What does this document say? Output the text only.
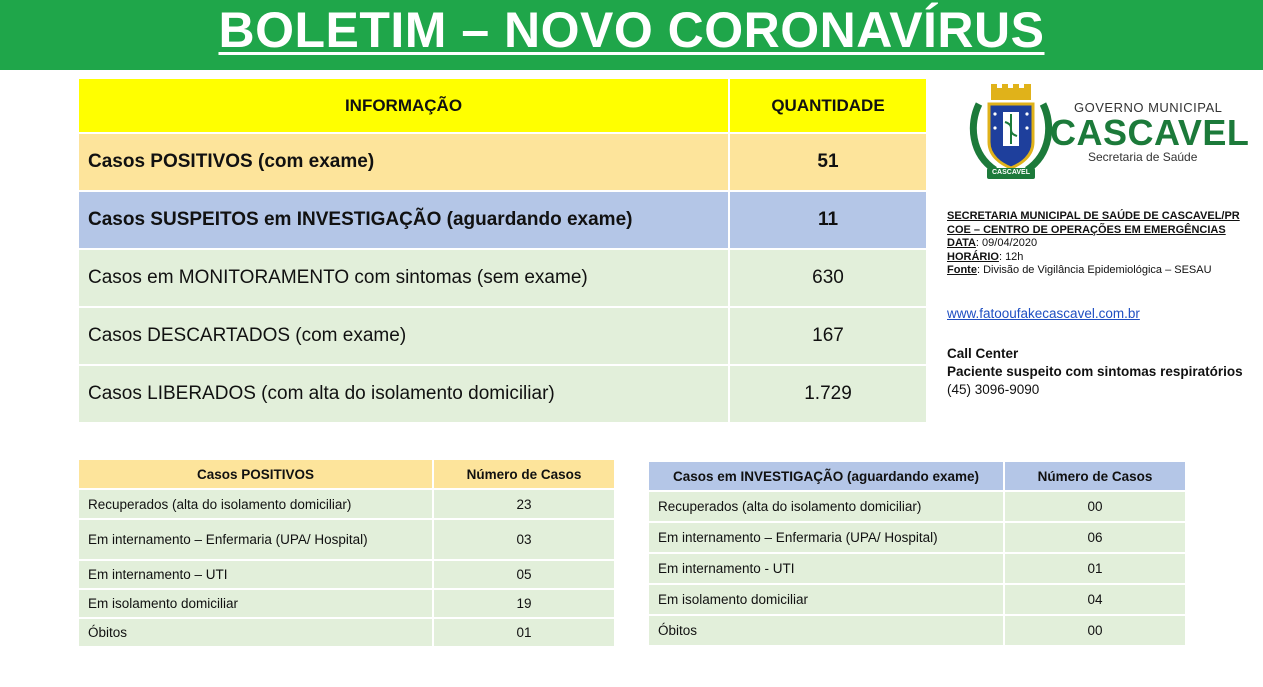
BOLETIM – NOVO CORONAVÍRUS
INFORMAÇÃO	QUANTIDADE
Casos POSITIVOS (com exame)	51
Casos SUSPEITOS em INVESTIGAÇÃO (aguardando exame)	11
Casos em MONITORAMENTO com sintomas (sem exame)	630
Casos DESCARTADOS (com exame)	167
Casos LIBERADOS (com alta do isolamento domiciliar)	1.729
CASCAVEL
GOVERNO MUNICIPAL
CASCAVEL
Secretaria de Saúde
SECRETARIA MUNICIPAL DE SAÚDE DE CASCAVEL/PR
COE – CENTRO DE OPERAÇÕES EM EMERGÊNCIAS
DATA: 09/04/2020
HORÁRIO: 12h
Fonte: Divisão de Vigilância Epidemiológica – SESAU
www.fatooufakecascavel.com.br
Call Center
Paciente suspeito com sintomas respiratórios
(45) 3096-9090
Casos POSITIVOS	Número de Casos
Recuperados (alta do isolamento domiciliar)	23
Em internamento – Enfermaria (UPA/ Hospital)	03
Em internamento – UTI	05
Em isolamento domiciliar	19
Óbitos	01
Casos em INVESTIGAÇÃO (aguardando exame)	Número de Casos
Recuperados (alta do isolamento domiciliar)	00
Em internamento – Enfermaria (UPA/ Hospital)	06
Em internamento - UTI	01
Em isolamento domiciliar	04
Óbitos	00
